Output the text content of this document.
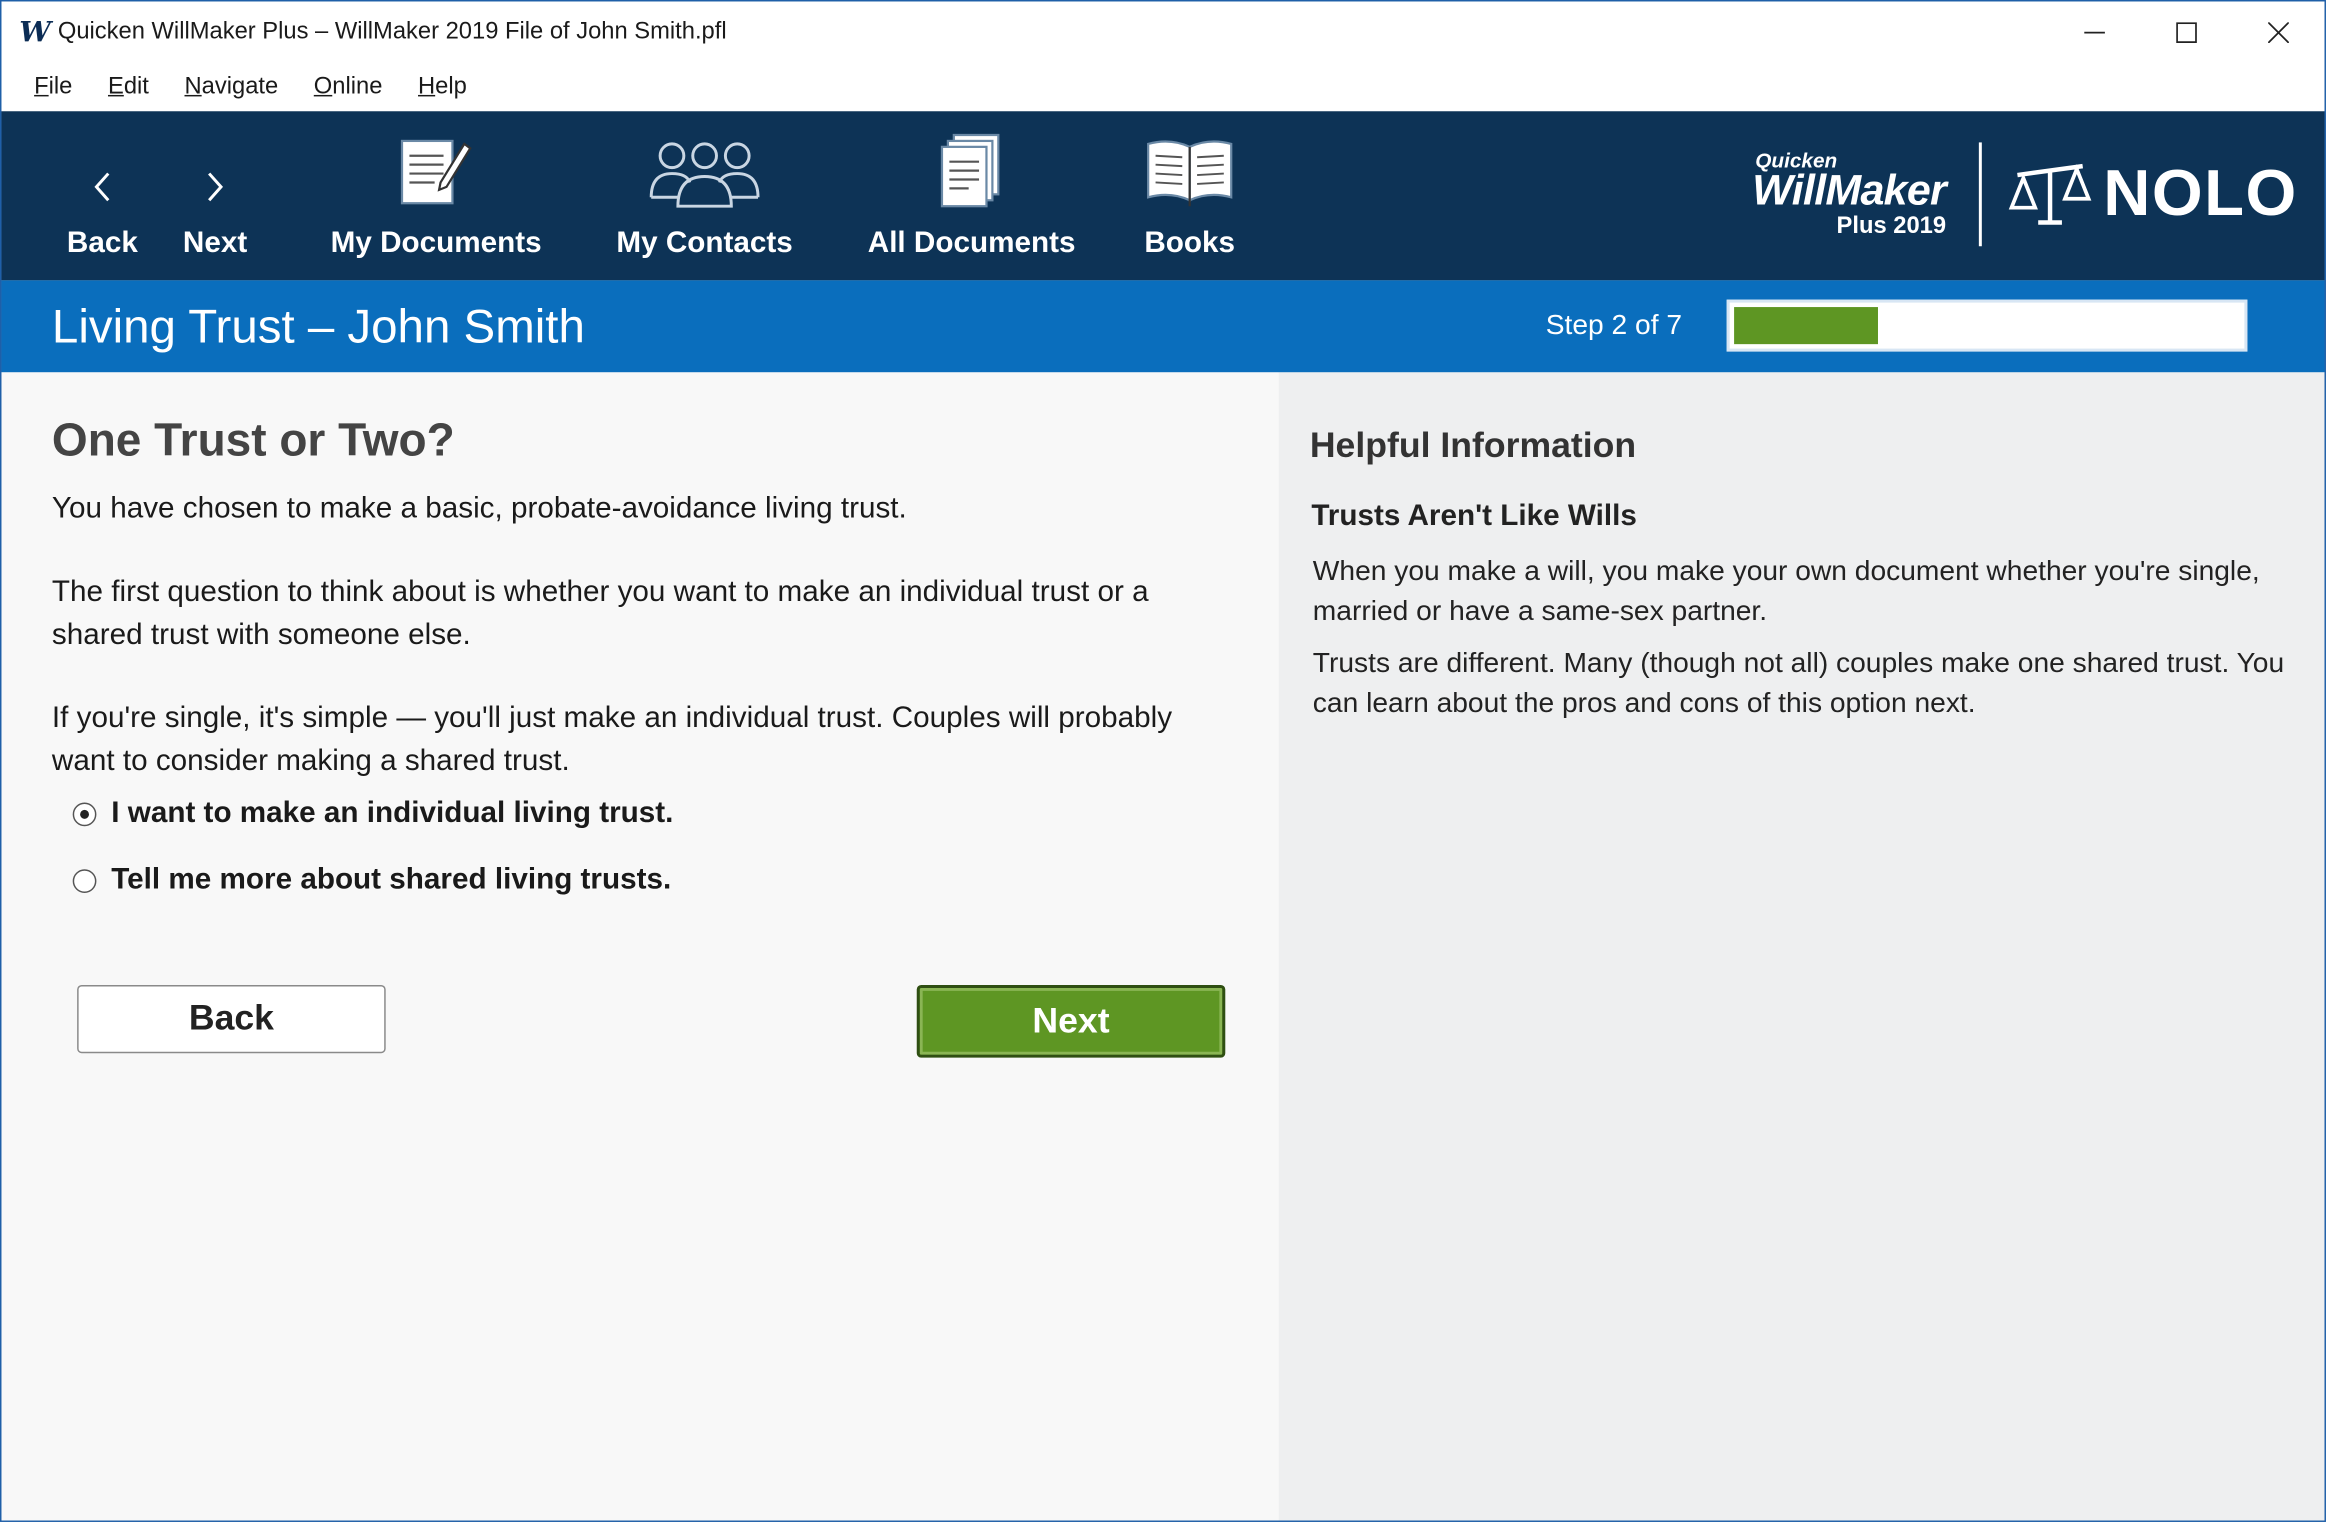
W Quicken WillMaker Plus – WillMaker 2019 File of John Smith.pfl
File	Edit	Navigate	Online	Help
Back Next	My Documents	My Contacts	All Documents	Books
Quicken
WillMaker
Plus 2019	NOLO
Living Trust – John Smith	Step 2 of 7
One Trust or Two?
You have chosen to make a basic, probate-avoidance living trust.
The first question to think about is whether you want to make an individual trust or a shared trust with someone else.
If you're single, it's simple — you'll just make an individual trust. Couples will probably want to consider making a shared trust.
I want to make an individual living trust.
Tell me more about shared living trusts.
Back	Next
Helpful Information
Trusts Aren't Like Wills
When you make a will, you make your own document whether you're single, married or have a same-sex partner.
Trusts are different. Many (though not all) couples make one shared trust. You can learn about the pros and cons of this option next.
